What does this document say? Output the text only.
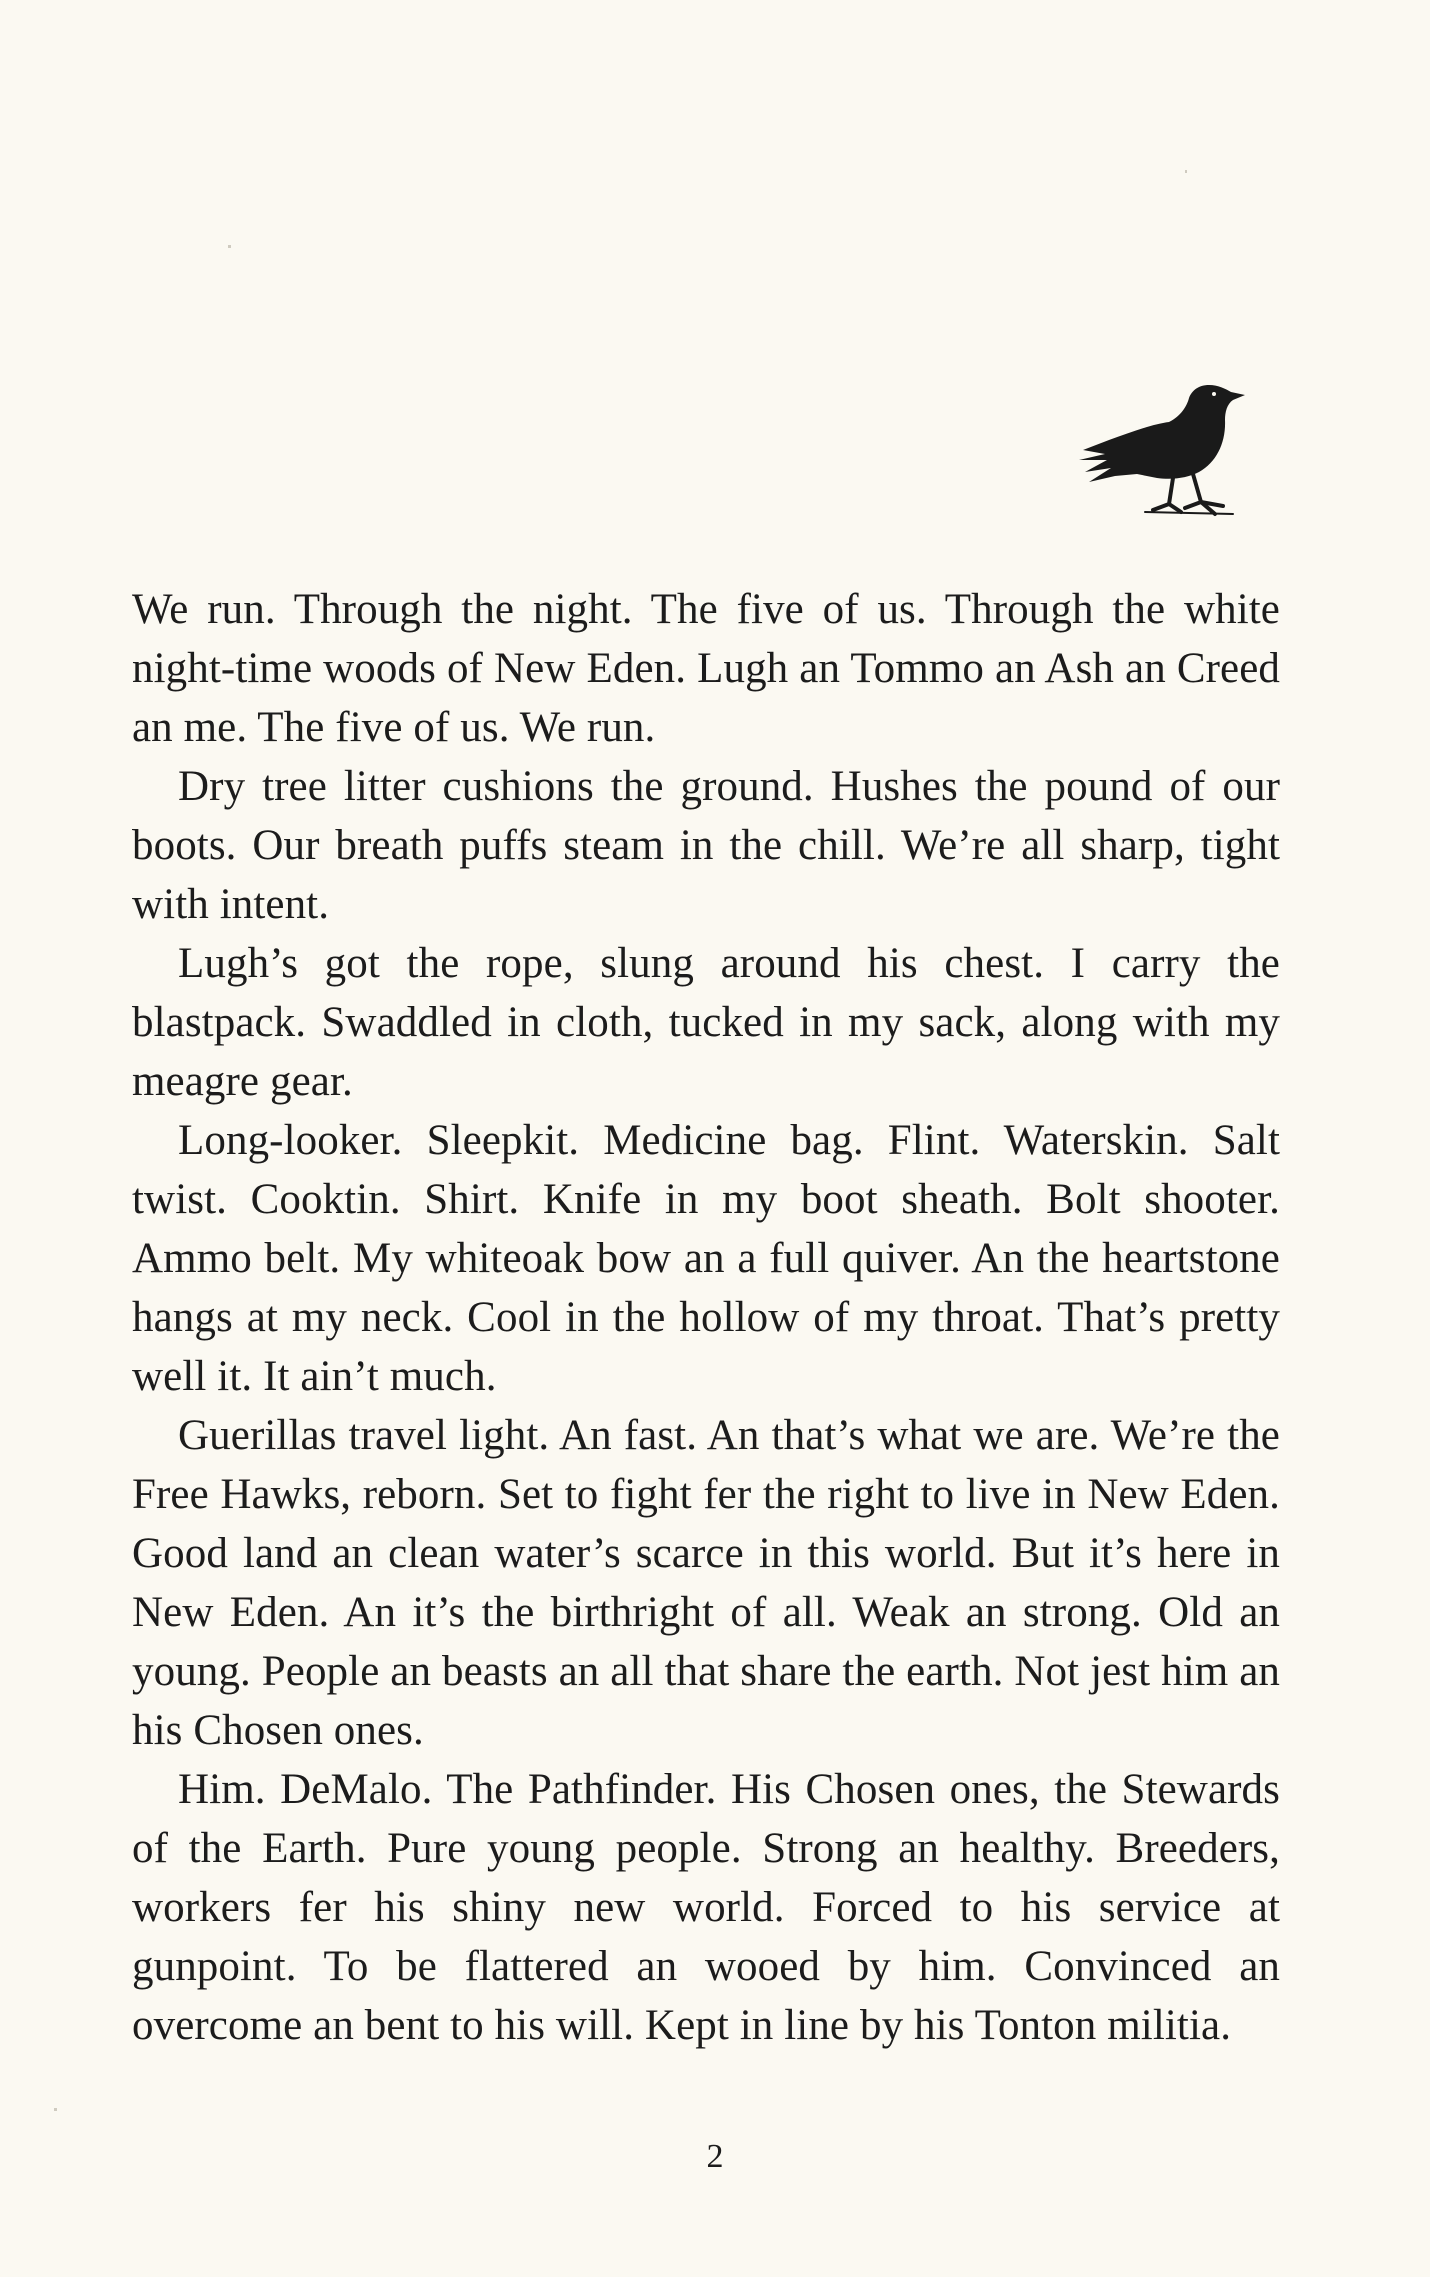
We run. Through the night. The five of us. Through the white night-time woods of New Eden. Lugh an Tommo an Ash an Creed an me. The five of us. We run.

Dry tree litter cushions the ground. Hushes the pound of our boots. Our breath puffs steam in the chill. We’re all sharp, tight with intent.

Lugh’s got the rope, slung around his chest. I carry the blastpack. Swaddled in cloth, tucked in my sack, along with my meagre gear.

Long-looker. Sleepkit. Medicine bag. Flint. Waterskin. Salt twist. Cooktin. Shirt. Knife in my boot sheath. Bolt shooter. Ammo belt. My whiteoak bow an a full quiver. An the heartstone hangs at my neck. Cool in the hollow of my throat. That’s pretty well it. It ain’t much.

Guerillas travel light. An fast. An that’s what we are. We’re the Free Hawks, reborn. Set to fight fer the right to live in New Eden. Good land an clean water’s scarce in this world. But it’s here in New Eden. An it’s the birthright of all. Weak an strong. Old an young. People an beasts an all that share the earth. Not jest him an his Chosen ones.

Him. DeMalo. The Pathfinder. His Chosen ones, the Stewards of the Earth. Pure young people. Strong an healthy. Breeders, workers fer his shiny new world. Forced to his service at gunpoint. To be flattered an wooed by him. Convinced an overcome an bent to his will. Kept in line by his Tonton militia.

2
